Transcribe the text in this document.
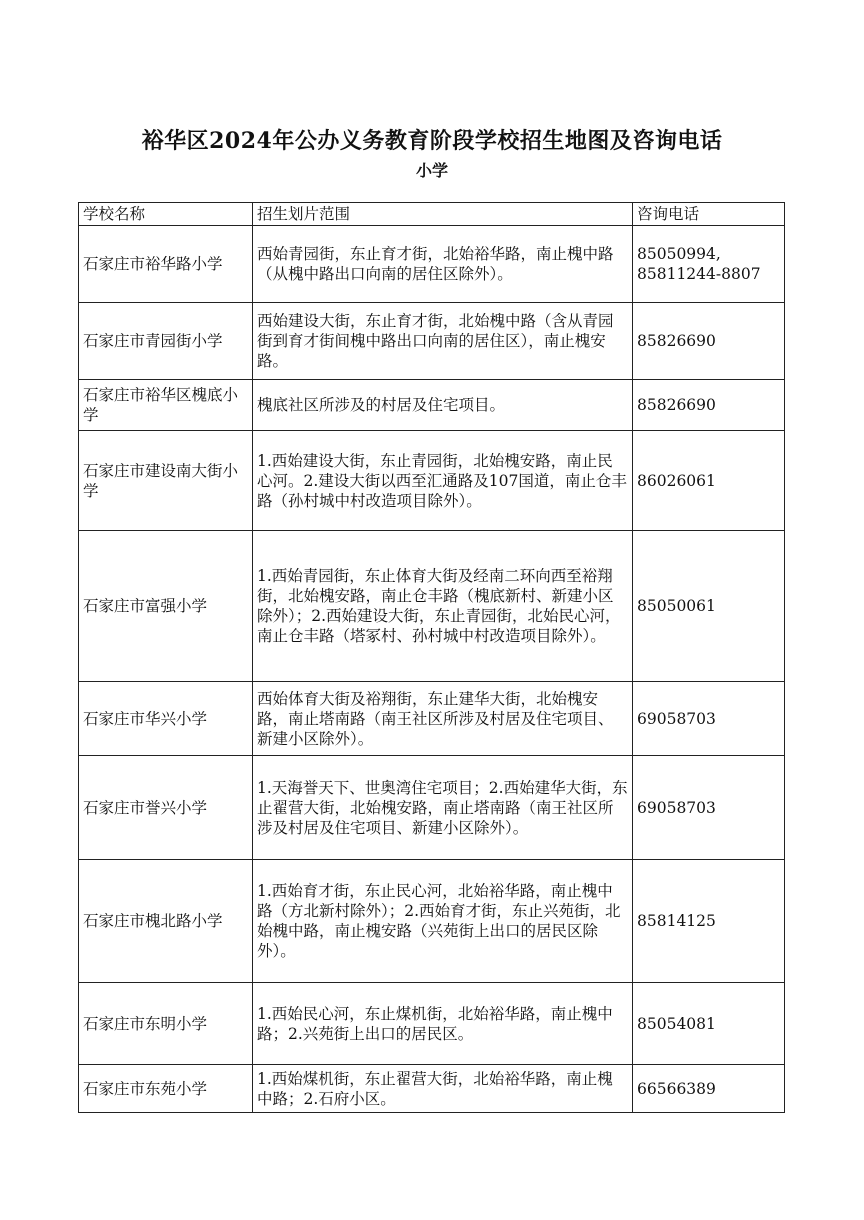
裕华区2024年公办义务教育阶段学校招生地图及咨询电话
小学
学校名称	招生划片范围	咨询电话
石家庄市裕华路小学	西始青园街，东止育才街，北始裕华路，南止槐中路（从槐中路出口向南的居住区除外）。	85050994,
85811244-8807
石家庄市青园街小学	西始建设大街，东止育才街，北始槐中路（含从青园街到育才街间槐中路出口向南的居住区），南止槐安路。	85826690
石家庄市裕华区槐底小学	槐底社区所涉及的村居及住宅项目。	85826690
石家庄市建设南大街小学	1.西始建设大街，东止青园街，北始槐安路，南止民心河。2.建设大街以西至汇通路及107国道，南止仓丰路（孙村城中村改造项目除外）。	86026061
石家庄市富强小学	1.西始青园街，东止体育大街及经南二环向西至裕翔街，北始槐安路，南止仓丰路（槐底新村、新建小区除外）；2.西始建设大街，东止青园街，北始民心河，南止仓丰路（塔冢村、孙村城中村改造项目除外）。	85050061
石家庄市华兴小学	西始体育大街及裕翔街，东止建华大街，北始槐安路，南止塔南路（南王社区所涉及村居及住宅项目、新建小区除外）。	69058703
石家庄市誉兴小学	1.天海誉天下、世奥湾住宅项目；2.西始建华大街，东止翟营大街，北始槐安路，南止塔南路（南王社区所涉及村居及住宅项目、新建小区除外）。	69058703
石家庄市槐北路小学	1.西始育才街，东止民心河，北始裕华路，南止槐中路（方北新村除外）；2.西始育才街，东止兴苑街，北始槐中路，南止槐安路（兴苑街上出口的居民区除外）。	85814125
石家庄市东明小学	1.西始民心河，东止煤机街，北始裕华路，南止槐中路；2.兴苑街上出口的居民区。	85054081
石家庄市东苑小学	1.西始煤机街，东止翟营大街，北始裕华路，南止槐中路；2.石府小区。	66566389
